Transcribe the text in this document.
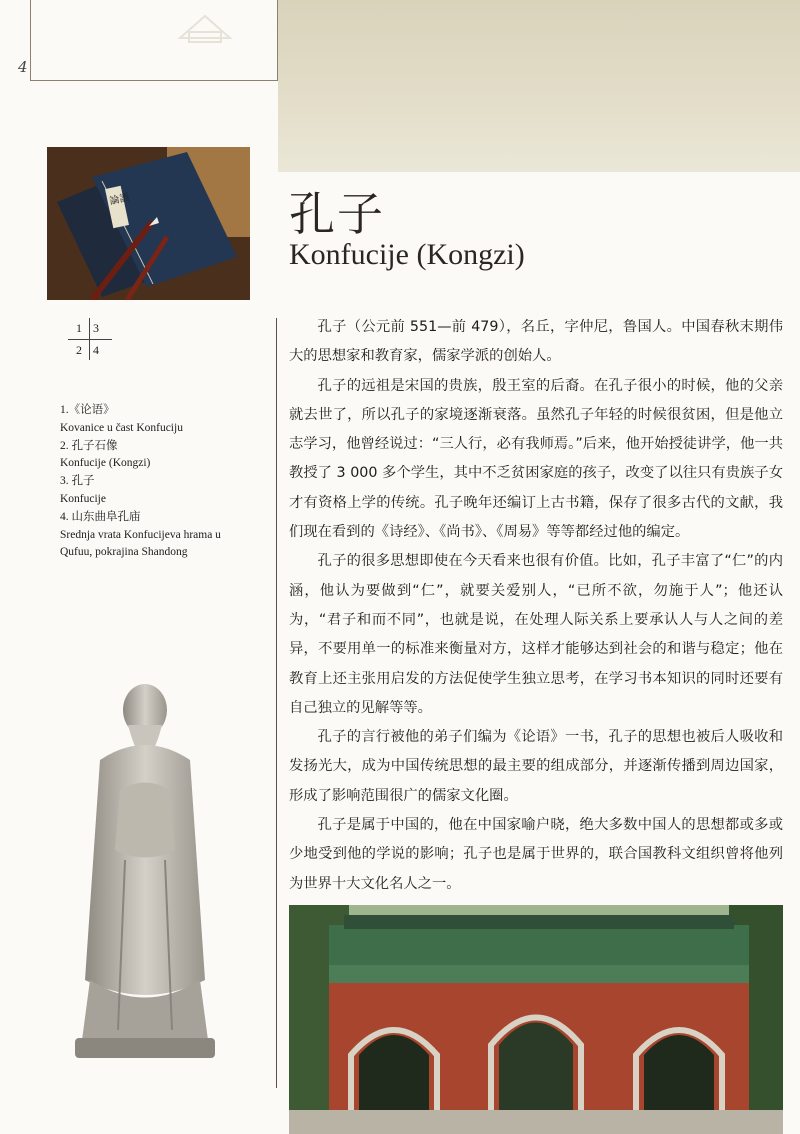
4
論語
1 3
2 4
1.《论语》
Kovanice u čast Konfuciju
2. 孔子石像
Konfucije (Kongzi)
3. 孔子
Konfucije
4. 山东曲阜孔庙
Srednja vrata Konfucijeva hrama u
Qufuu, pokrajina Shandong
孔子
Konfucije (Kongzi)

孔子（公元前 551—前 479），名丘，字仲尼，鲁国人。中国春秋末期伟大的思想家和教育家，儒家学派的创始人。

孔子的远祖是宋国的贵族，殷王室的后裔。在孔子很小的时候，他的父亲就去世了，所以孔子的家境逐渐衰落。虽然孔子年轻的时候很贫困，但是他立志学习，他曾经说过：“三人行，必有我师焉。”后来，他开始授徒讲学，他一共教授了 3 000 多个学生，其中不乏贫困家庭的孩子，改变了以往只有贵族子女才有资格上学的传统。孔子晚年还编订上古书籍，保存了很多古代的文献，我们现在看到的《诗经》、《尚书》、《周易》等等都经过他的编定。

孔子的很多思想即使在今天看来也很有价值。比如，孔子丰富了“仁”的内涵，他认为要做到“仁”，就要关爱别人，“已所不欲，勿施于人”；他还认为，“君子和而不同”，也就是说，在处理人际关系上要承认人与人之间的差异，不要用单一的标准来衡量对方，这样才能够达到社会的和谐与稳定；他在教育上还主张用启发的方法促使学生独立思考，在学习书本知识的同时还要有自己独立的见解等等。

孔子的言行被他的弟子们编为《论语》一书，孔子的思想也被后人吸收和发扬光大，成为中国传统思想的最主要的组成部分，并逐渐传播到周边国家，形成了影响范围很广的儒家文化圈。

孔子是属于中国的，他在中国家喻户晓，绝大多数中国人的思想都或多或少地受到他的学说的影响；孔子也是属于世界的，联合国教科文组织曾将他列为世界十大文化名人之一。
